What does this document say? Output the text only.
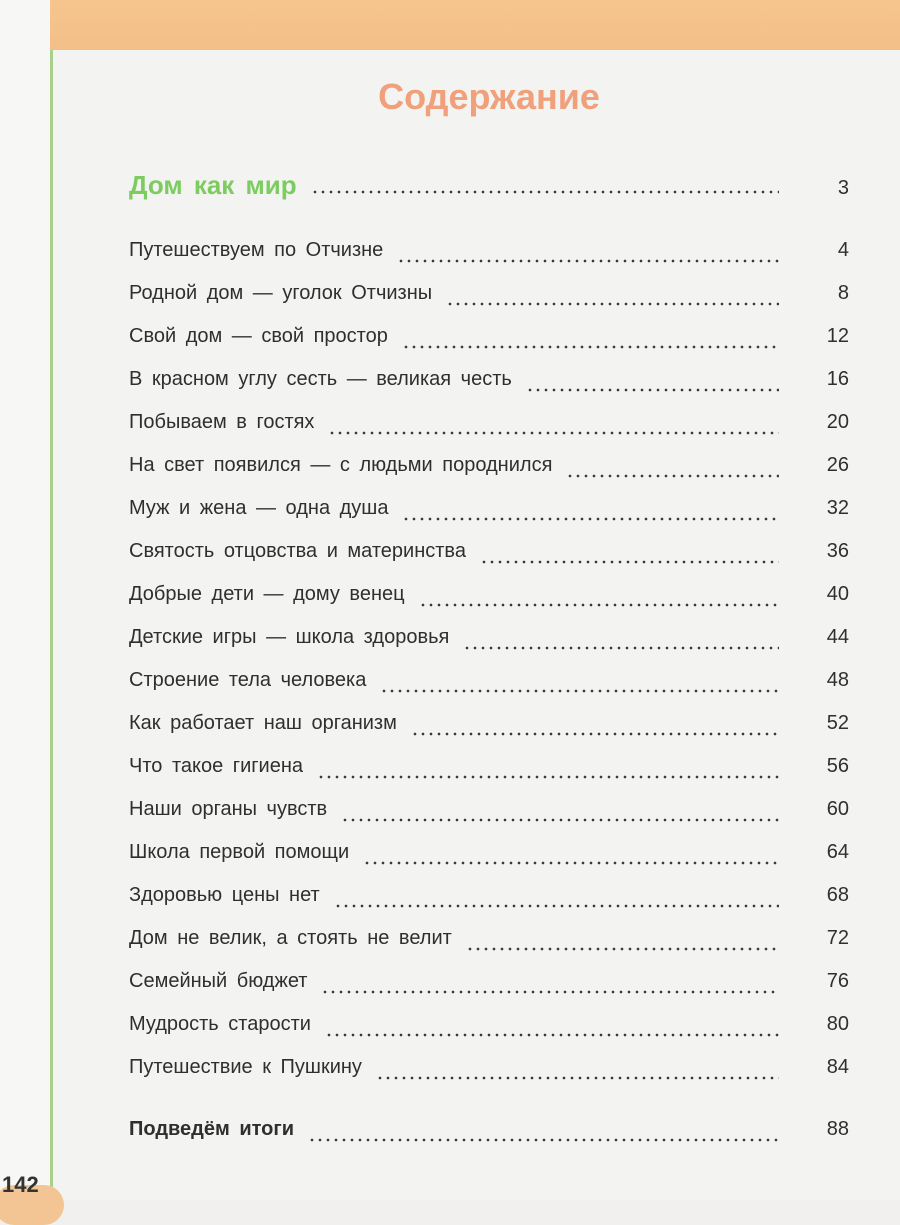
Содержание
Дом как мир	3
Путешествуем по Отчизне	4
Родной дом — уголок Отчизны	8
Свой дом — свой простор	12
В красном углу сесть — великая честь	16
Побываем в гостях	20
На свет появился — с людьми породнился	26
Муж и жена — одна душа	32
Святость отцовства и материнства	36
Добрые дети — дому венец	40
Детские игры — школа здоровья	44
Строение тела человека	48
Как работает наш организм	52
Что такое гигиена	56
Наши органы чувств	60
Школа первой помощи	64
Здоровью цены нет	68
Дом не велик, а стоять не велит	72
Семейный бюджет	76
Мудрость старости	80
Путешествие к Пушкину	84
Подведём итоги	88
142
